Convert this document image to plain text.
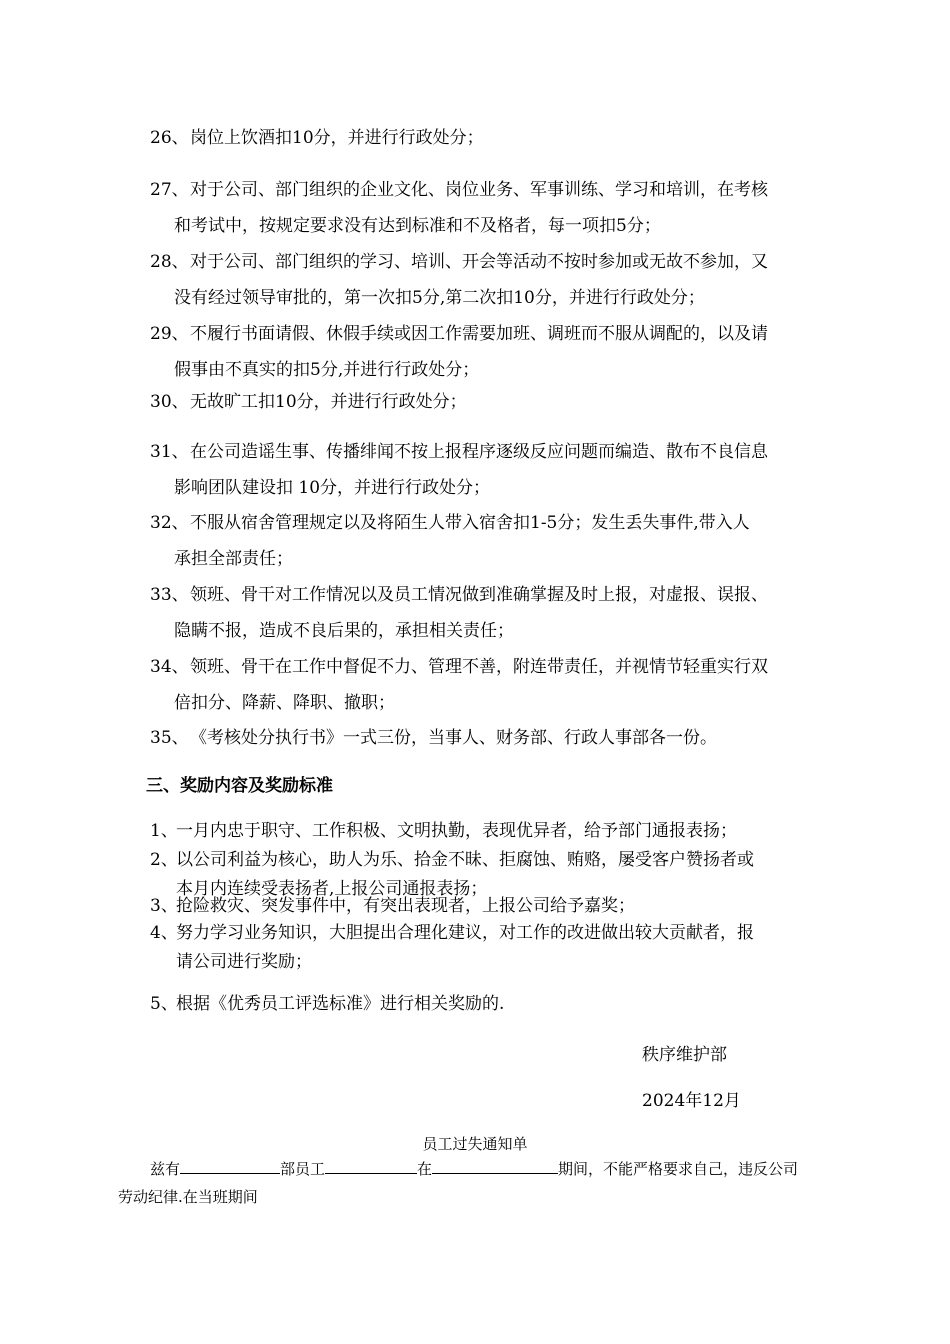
26、岗位上饮酒扣10分，并进行行政处分；
27、对于公司、部门组织的企业文化、岗位业务、军事训练、学习和培训，在考核
和考试中，按规定要求没有达到标准和不及格者，每一项扣5分；
28、对于公司、部门组织的学习、培训、开会等活动不按时参加或无故不参加，又
没有经过领导审批的，第一次扣5分,第二次扣10分，并进行行政处分；
29、不履行书面请假、休假手续或因工作需要加班、调班而不服从调配的，以及请
假事由不真实的扣5分,并进行行政处分；
30、无故旷工扣10分，并进行行政处分；
31、在公司造谣生事、传播绯闻不按上报程序逐级反应问题而编造、散布不良信息
影响团队建设扣 10分，并进行行政处分；
32、不服从宿舍管理规定以及将陌生人带入宿舍扣1-5分；发生丢失事件,带入人
承担全部责任；
33、领班、骨干对工作情况以及员工情况做到准确掌握及时上报，对虚报、误报、
隐瞒不报，造成不良后果的，承担相关责任；
34、领班、骨干在工作中督促不力、管理不善，附连带责任，并视情节轻重实行双
倍扣分、降薪、降职、撤职；
35、《考核处分执行书》一式三份，当事人、财务部、行政人事部各一份。
三、奖励内容及奖励标准
1、一月内忠于职守、工作积极、文明执勤，表现优异者，给予部门通报表扬；
2、以公司利益为核心，助人为乐、拾金不昧、拒腐蚀、贿赂，屡受客户赞扬者或
本月内连续受表扬者,上报公司通报表扬；
3、抢险救灾、突发事件中，有突出表现者，上报公司给予嘉奖；
4、努力学习业务知识，大胆提出合理化建议，对工作的改进做出较大贡献者，报
请公司进行奖励；
5、根据《优秀员工评选标准》进行相关奖励的.
秩序维护部
2024年12月
员工过失通知单
兹有	部员工	在	期间，不能严格要求自己，违反公司
劳动纪律.在当班期间
